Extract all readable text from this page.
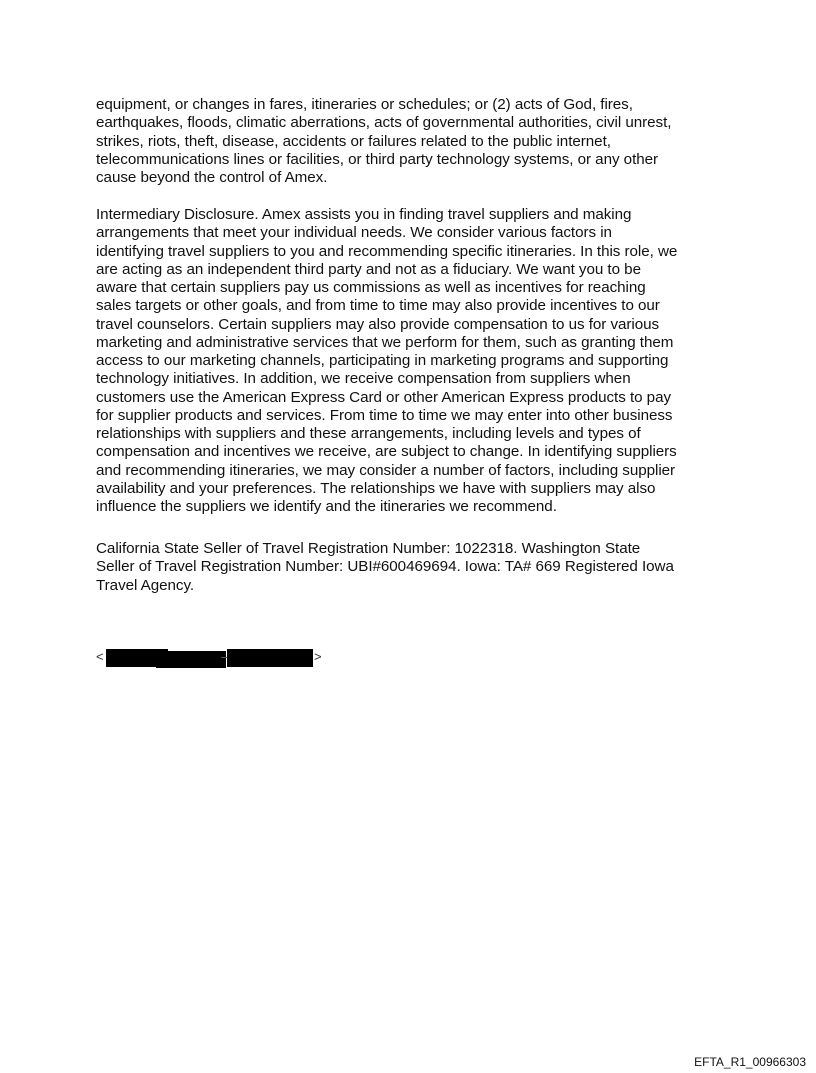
equipment, or changes in fares, itineraries or schedules; or (2) acts of God, fires,
earthquakes, floods, climatic aberrations, acts of governmental authorities, civil unrest,
strikes, riots, theft, disease, accidents or failures related to the public internet,
telecommunications lines or facilities, or third party technology systems, or any other
cause beyond the control of Amex.

Intermediary Disclosure. Amex assists you in finding travel suppliers and making
arrangements that meet your individual needs. We consider various factors in
identifying travel suppliers to you and recommending specific itineraries. In this role, we
are acting as an independent third party and not as a fiduciary. We want you to be
aware that certain suppliers pay us commissions as well as incentives for reaching
sales targets or other goals, and from time to time may also provide incentives to our
travel counselors. Certain suppliers may also provide compensation to us for various
marketing and administrative services that we perform for them, such as granting them
access to our marketing channels, participating in marketing programs and supporting
technology initiatives. In addition, we receive compensation from suppliers when
customers use the American Express Card or other American Express products to pay
for supplier products and services. From time to time we may enter into other business
relationships with suppliers and these arrangements, including levels and types of
compensation and incentives we receive, are subject to change. In identifying suppliers
and recommending itineraries, we may consider a number of factors, including supplier
availability and your preferences. The relationships we have with suppliers may also
influence the suppliers we identify and the itineraries we recommend.

California State Seller of Travel Registration Number: 1022318. Washington State
Seller of Travel Registration Number: UBI#600469694. Iowa: TA# 669 Registered Iowa
Travel Agency.

<	>
EFTA_R1_00966303
